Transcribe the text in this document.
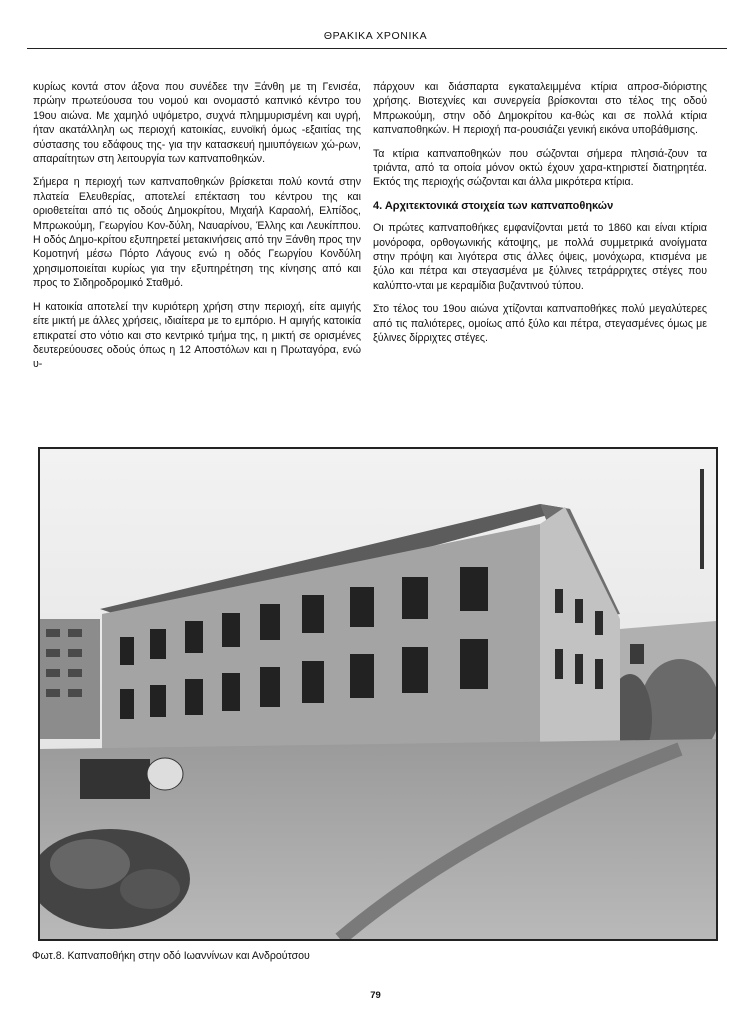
ΘΡΑΚΙΚΑ ΧΡΟΝΙΚΑ

κυρίως κοντά στον άξονα που συνέδεε την Ξάνθη με τη Γενισέα, πρώην πρωτεύουσα του νομού και ονομαστό καπνικό κέντρο του 19ου αιώνα. Με χαμηλό υψόμετρο, συχνά πλημμυρισμένη και υγρή, ήταν ακατάλληλη ως περιοχή κατοικίας, ευνοϊκή όμως -εξαιτίας της σύστασης του εδάφους της- για την κατασκευή ημιυπόγειων χώ-ρων, απαραίτητων στη λειτουργία των καπναποθηκών.

Σήμερα η περιοχή των καπναποθηκών βρίσκεται πολύ κοντά στην πλατεία Ελευθερίας, αποτελεί επέκταση του κέντρου της και οριοθετείται από τις οδούς Δημοκρίτου, Μιχαήλ Καραολή, Ελπίδος, Μπρωκούμη, Γεωργίου Κον-δύλη, Ναυαρίνου, Έλλης και Λευκίππου. Η οδός Δημο-κρίτου εξυπηρετεί μετακινήσεις από την Ξάνθη προς την Κομοτηνή μέσω Πόρτο Λάγους ενώ η οδός Γεωργίου Κονδύλη χρησιμοποιείται κυρίως για την εξυπηρέτηση της κίνησης από και προς το Σιδηροδρομικό Σταθμό.

Η κατοικία αποτελεί την κυριότερη χρήση στην περιοχή, είτε αμιγής είτε μικτή με άλλες χρήσεις, ιδιαίτερα με το εμπόριο. Η αμιγής κατοικία επικρατεί στο νότιο και στο κεντρικό τμήμα της, η μικτή σε ορισμένες δευτερεύουσες οδούς όπως η 12 Αποστόλων και η Πρωταγόρα, ενώ υ-

πάρχουν και διάσπαρτα εγκαταλειμμένα κτίρια απροσ-διόριστης χρήσης. Βιοτεχνίες και συνεργεία βρίσκονται στο τέλος της οδού Μπρωκούμη, στην οδό Δημοκρίτου κα-θώς και σε πολλά κτίρια καπναποθηκών. Η περιοχή πα-ρουσιάζει γενική εικόνα υποβάθμισης.

Τα κτίρια καπναποθηκών που σώζονται σήμερα πλησιά-ζουν τα τριάντα, από τα οποία μόνον οκτώ έχουν χαρα-κτηριστεί διατηρητέα. Εκτός της περιοχής σώζονται και άλλα μικρότερα κτίρια.

4. Αρχιτεκτονικά στοιχεία των καπναποθηκών

Οι πρώτες καπναποθήκες εμφανίζονται μετά το 1860 και είναι κτίρια μονόροφα, ορθογωνικής κάτοψης, με πολλά συμμετρικά ανοίγματα στην πρόψη και λιγότερα στις άλλες όψεις, μονόχωρα, κτισμένα με ξύλο και πέτρα και στεγασμένα με ξύλινες τετράρριχτες στέγες που καλύπτο-νται με κεραμίδια βυζαντινού τύπου.

Στο τέλος του 19ου αιώνα χτίζονται καπναποθήκες πολύ μεγαλύτερες από τις παλιότερες, ομοίως από ξύλο και πέτρα, στεγασμένες όμως με ξύλινες δίρριχτες στέγες.

Φωτ.8. Καπναποθήκη στην οδό Ιωαννίνων και Ανδρούτσου
79
